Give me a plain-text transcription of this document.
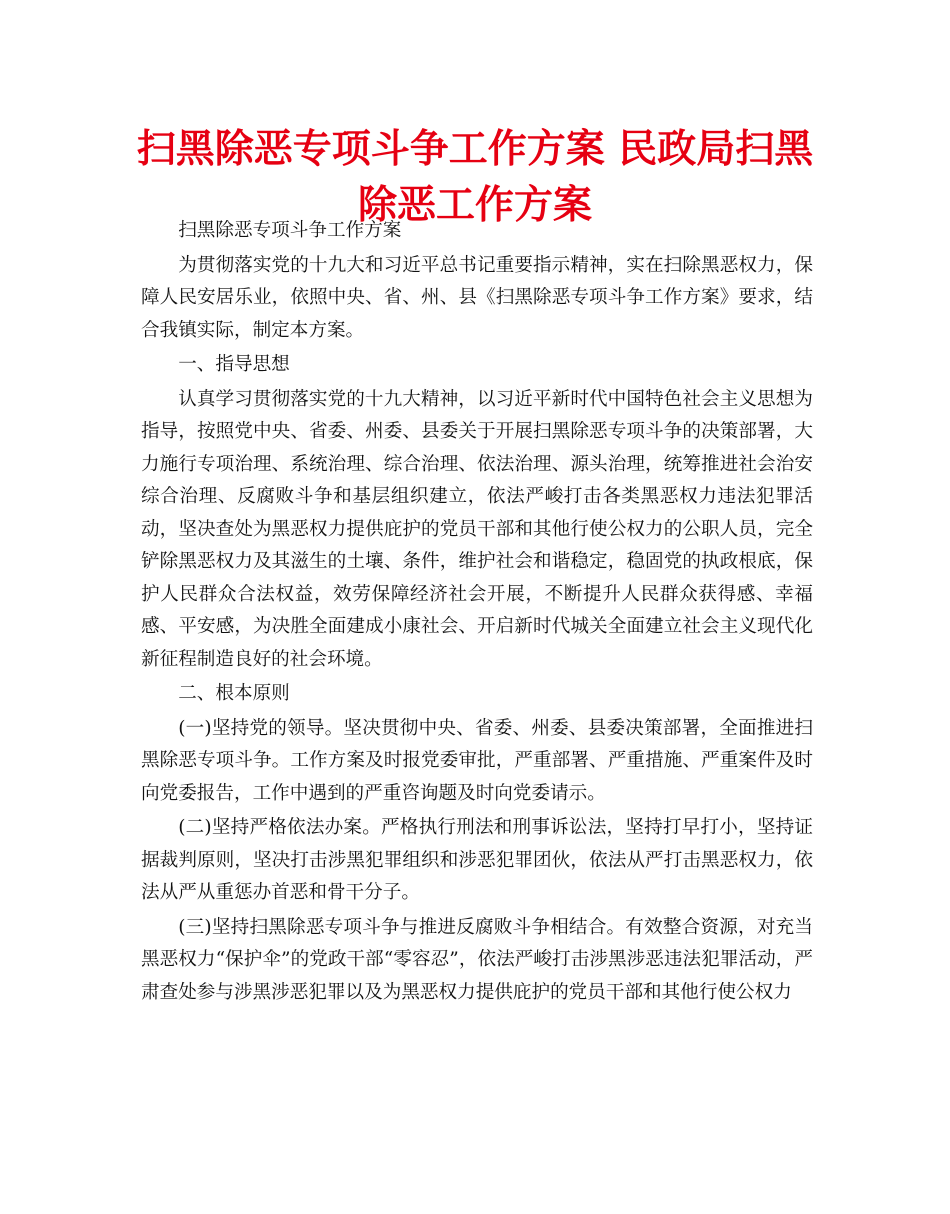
扫黑除恶专项斗争工作方案 民政局扫黑除恶工作方案

扫黑除恶专项斗争工作方案

为贯彻落实党的十九大和习近平总书记重要指示精神，实在扫除黑恶权力，保障人民安居乐业，依照中央、省、州、县《扫黑除恶专项斗争工作方案》要求，结合我镇实际，制定本方案。

一、指导思想

认真学习贯彻落实党的十九大精神，以习近平新时代中国特色社会主义思想为指导，按照党中央、省委、州委、县委关于开展扫黑除恶专项斗争的决策部署，大力施行专项治理、系统治理、综合治理、依法治理、源头治理，统筹推进社会治安综合治理、反腐败斗争和基层组织建立，依法严峻打击各类黑恶权力违法犯罪活动，坚决查处为黑恶权力提供庇护的党员干部和其他行使公权力的公职人员，完全铲除黑恶权力及其滋生的土壤、条件，维护社会和谐稳定，稳固党的执政根底，保护人民群众合法权益，效劳保障经济社会开展，不断提升人民群众获得感、幸福感、平安感，为决胜全面建成小康社会、开启新时代城关全面建立社会主义现代化新征程制造良好的社会环境。

二、根本原则

(一)坚持党的领导。坚决贯彻中央、省委、州委、县委决策部署，全面推进扫黑除恶专项斗争。工作方案及时报党委审批，严重部署、严重措施、严重案件及时向党委报告，工作中遇到的严重咨询题及时向党委请示。

(二)坚持严格依法办案。严格执行刑法和刑事诉讼法，坚持打早打小，坚持证据裁判原则，坚决打击涉黑犯罪组织和涉恶犯罪团伙，依法从严打击黑恶权力，依法从严从重惩办首恶和骨干分子。

(三)坚持扫黑除恶专项斗争与推进反腐败斗争相结合。有效整合资源，对充当黑恶权力“保护伞”的党政干部“零容忍”，依法严峻打击涉黑涉恶违法犯罪活动，严肃查处参与涉黑涉恶犯罪以及为黑恶权力提供庇护的党员干部和其他行使公权力
